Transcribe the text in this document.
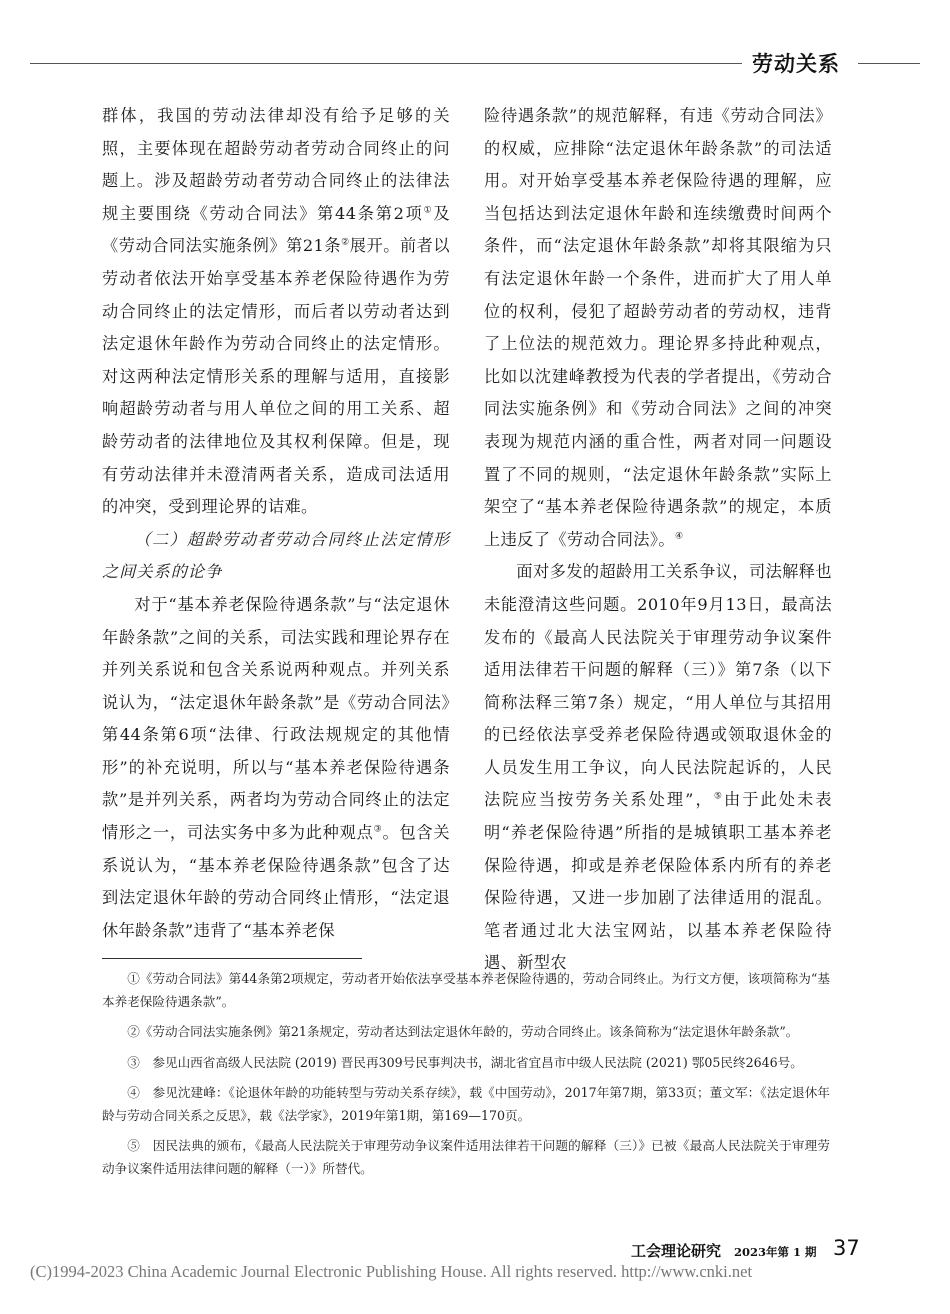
劳动关系

群体，我国的劳动法律却没有给予足够的关照，主要体现在超龄劳动者劳动合同终止的问题上。涉及超龄劳动者劳动合同终止的法律法规主要围绕《劳动合同法》第44条第2项①及《劳动合同法实施条例》第21条②展开。前者以劳动者依法开始享受基本养老保险待遇作为劳动合同终止的法定情形，而后者以劳动者达到法定退休年龄作为劳动合同终止的法定情形。对这两种法定情形关系的理解与适用，直接影响超龄劳动者与用人单位之间的用工关系、超龄劳动者的法律地位及其权利保障。但是，现有劳动法律并未澄清两者关系，造成司法适用的冲突，受到理论界的诘难。

（二）超龄劳动者劳动合同终止法定情形之间关系的论争

对于“基本养老保险待遇条款”与“法定退休年龄条款”之间的关系，司法实践和理论界存在并列关系说和包含关系说两种观点。并列关系说认为，“法定退休年龄条款”是《劳动合同法》第44条第6项“法律、行政法规规定的其他情形”的补充说明，所以与“基本养老保险待遇条款”是并列关系，两者均为劳动合同终止的法定情形之一，司法实务中多为此种观点③。包含关系说认为，“基本养老保险待遇条款”包含了达到法定退休年龄的劳动合同终止情形，“法定退休年龄条款”违背了“基本养老保

险待遇条款”的规范解释，有违《劳动合同法》的权威，应排除“法定退休年龄条款”的司法适用。对开始享受基本养老保险待遇的理解，应当包括达到法定退休年龄和连续缴费时间两个条件，而“法定退休年龄条款”却将其限缩为只有法定退休年龄一个条件，进而扩大了用人单位的权利，侵犯了超龄劳动者的劳动权，违背了上位法的规范效力。理论界多持此种观点，比如以沈建峰教授为代表的学者提出，《劳动合同法实施条例》和《劳动合同法》之间的冲突表现为规范内涵的重合性，两者对同一问题设置了不同的规则，“法定退休年龄条款”实际上架空了“基本养老保险待遇条款”的规定，本质上违反了《劳动合同法》。④

面对多发的超龄用工关系争议，司法解释也未能澄清这些问题。2010年9月13日，最高法发布的《最高人民法院关于审理劳动争议案件适用法律若干问题的解释（三）》第7条（以下简称法释三第7条）规定，“用人单位与其招用的已经依法享受养老保险待遇或领取退休金的人员发生用工争议，向人民法院起诉的，人民法院应当按劳务关系处理”，⑤由于此处未表明“养老保险待遇”所指的是城镇职工基本养老保险待遇，抑或是养老保险体系内所有的养老保险待遇，又进一步加剧了法律适用的混乱。笔者通过北大法宝网站，以基本养老保险待遇、新型农

①《劳动合同法》第44条第2项规定，劳动者开始依法享受基本养老保险待遇的，劳动合同终止。为行文方便，该项简称为“基本养老保险待遇条款”。

②《劳动合同法实施条例》第21条规定，劳动者达到法定退休年龄的，劳动合同终止。该条简称为“法定退休年龄条款”。

③　参见山西省高级人民法院 (2019) 晋民再309号民事判决书，湖北省宜昌市中级人民法院 (2021) 鄂05民终2646号。

④　参见沈建峰：《论退休年龄的功能转型与劳动关系存续》，载《中国劳动》，2017年第7期，第33页；董文军：《法定退休年龄与劳动合同关系之反思》，载《法学家》，2019年第1期，第169—170页。

⑤　因民法典的颁布，《最高人民法院关于审理劳动争议案件适用法律若干问题的解释（三）》已被《最高人民法院关于审理劳动争议案件适用法律问题的解释（一）》所替代。

工会理论研究 2023年第 1 期 37
(C)1994-2023 China Academic Journal Electronic Publishing House. All rights reserved. http://www.cnki.net
